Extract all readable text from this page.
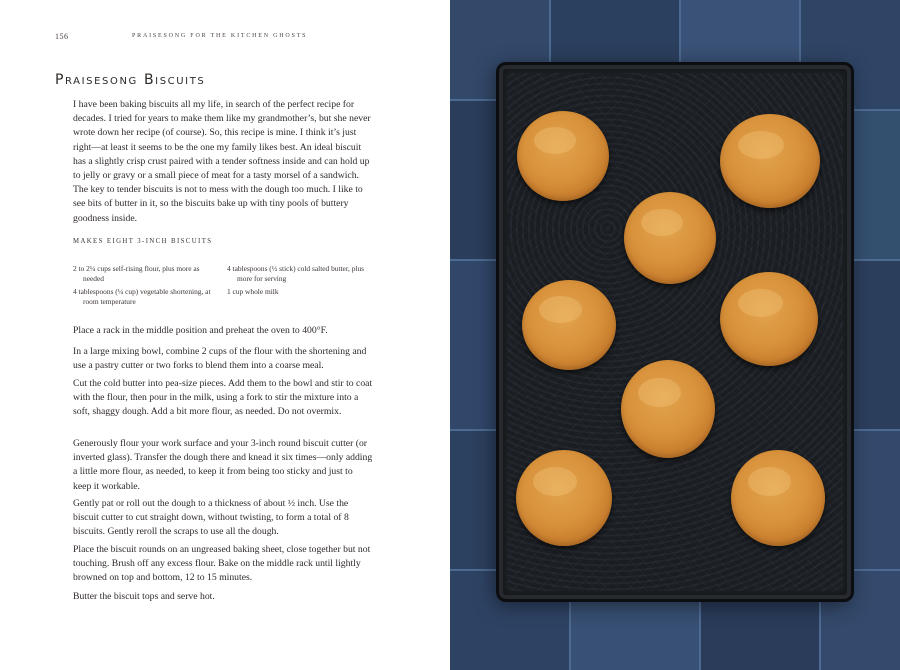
156	PRAISESONG FOR THE KITCHEN GHOSTS
Praisesong Biscuits
I have been baking biscuits all my life, in search of the perfect recipe for decades. I tried for years to make them like my grandmother’s, but she never wrote down her recipe (of course). So, this recipe is mine. I think it’s just right—at least it seems to be the one my family likes best. An ideal biscuit has a slightly crisp crust paired with a tender softness inside and can hold up to jelly or gravy or a small piece of meat for a tasty morsel of a sandwich. The key to tender biscuits is not to mess with the dough too much. I like to see bits of butter in it, so the biscuits bake up with tiny pools of buttery goodness inside.
MAKES EIGHT 3-INCH BISCUITS
2 to 2¼ cups self-rising flour, plus more as needed
4 tablespoons (¼ cup) vegetable shortening, at room temperature
4 tablespoons (½ stick) cold salted butter, plus more for serving
1 cup whole milk
Place a rack in the middle position and preheat the oven to 400°F.
In a large mixing bowl, combine 2 cups of the flour with the shortening and use a pastry cutter or two forks to blend them into a coarse meal.
Cut the cold butter into pea-size pieces. Add them to the bowl and stir to coat with the flour, then pour in the milk, using a fork to stir the mixture into a soft, shaggy dough. Add a bit more flour, as needed. Do not overmix.
Generously flour your work surface and your 3-inch round biscuit cutter (or inverted glass). Transfer the dough there and knead it six times—only adding a little more flour, as needed, to keep it from being too sticky and just to keep it workable.
Gently pat or roll out the dough to a thickness of about ½ inch. Use the biscuit cutter to cut straight down, without twisting, to form a total of 8 biscuits. Gently reroll the scraps to use all the dough.
Place the biscuit rounds on an ungreased baking sheet, close together but not touching. Brush off any excess flour. Bake on the middle rack until lightly browned on top and bottom, 12 to 15 minutes.
Butter the biscuit tops and serve hot.
